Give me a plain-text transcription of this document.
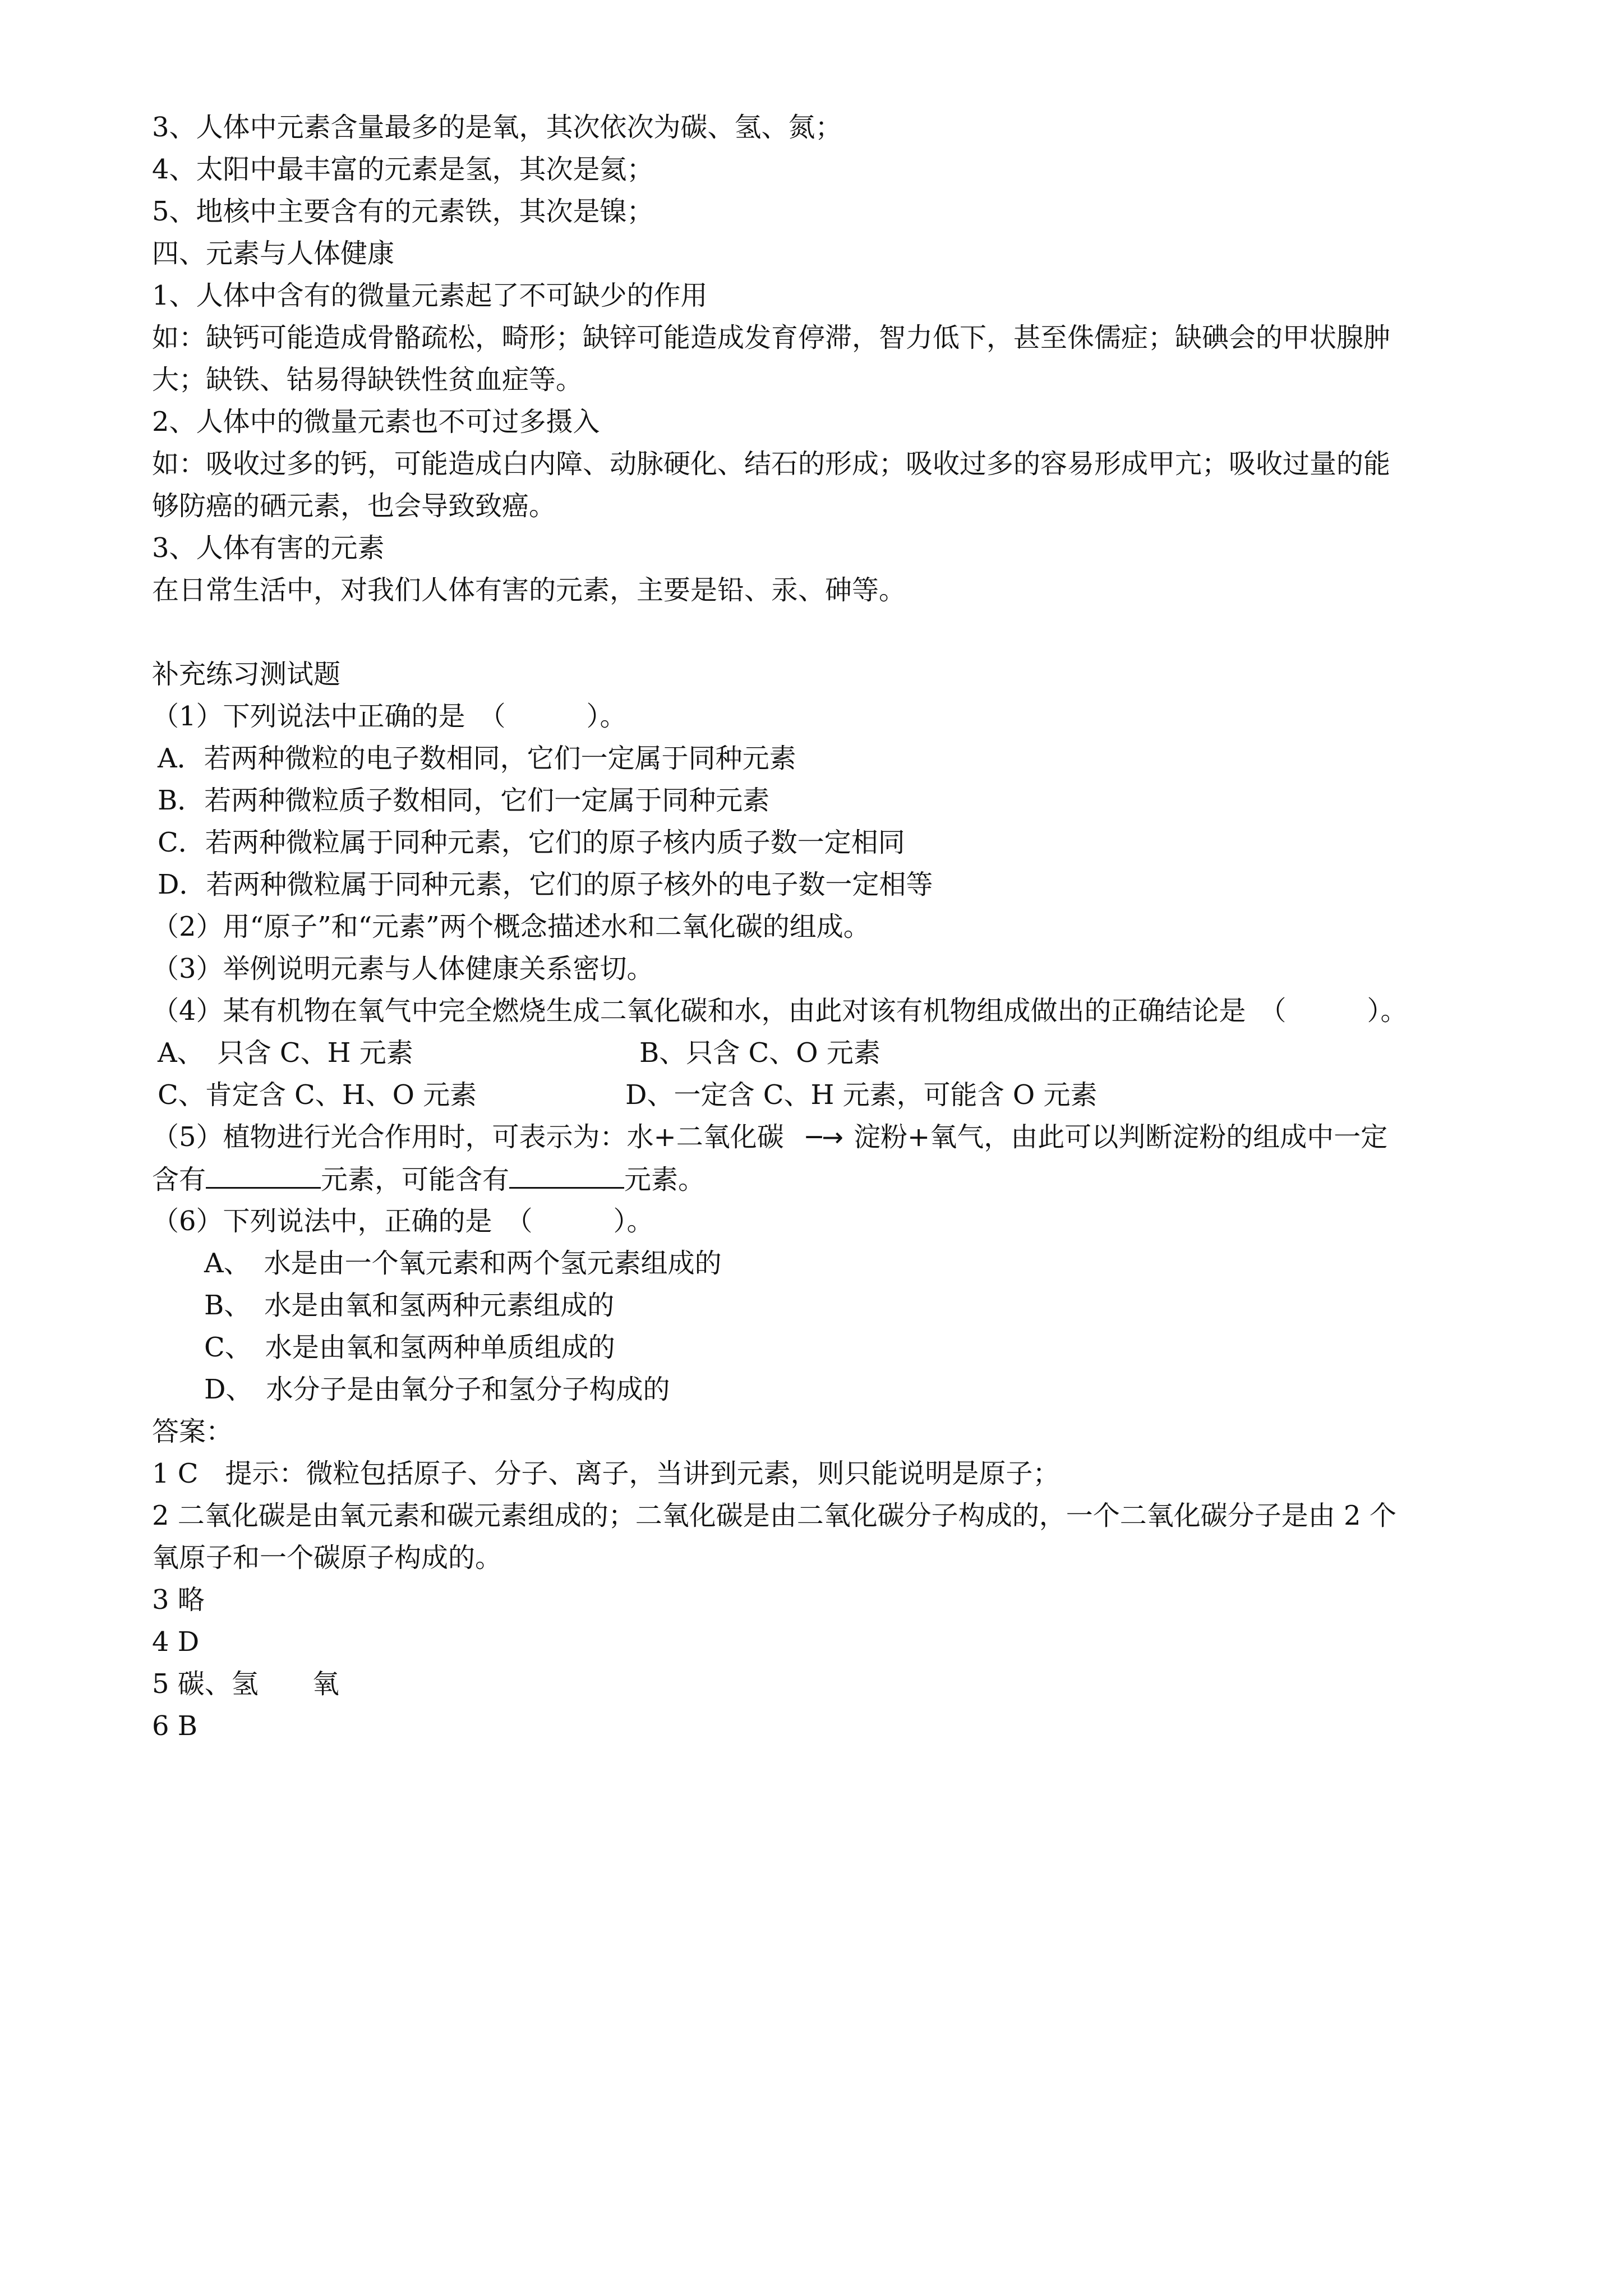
3、人体中元素含量最多的是氧，其次依次为碳、氢、氮；
4、太阳中最丰富的元素是氢，其次是氦；
5、地核中主要含有的元素铁，其次是镍；
四、元素与人体健康
1、人体中含有的微量元素起了不可缺少的作用
如：缺钙可能造成骨骼疏松，畸形；缺锌可能造成发育停滞，智力低下，甚至侏儒症；缺碘会的甲状腺肿
大；缺铁、钴易得缺铁性贫血症等。
2、人体中的微量元素也不可过多摄入
如：吸收过多的钙，可能造成白内障、动脉硬化、结石的形成；吸收过多的容易形成甲亢；吸收过量的能
够防癌的硒元素，也会导致致癌。
3、人体有害的元素
在日常生活中，对我们人体有害的元素，主要是铅、汞、砷等。
补充练习测试题
（1）下列说法中正确的是　（　　　）。
A．若两种微粒的电子数相同，它们一定属于同种元素
B．若两种微粒质子数相同，它们一定属于同种元素
C．若两种微粒属于同种元素，它们的原子核内质子数一定相同
D．若两种微粒属于同种元素，它们的原子核外的电子数一定相等
（2）用“原子”和“元素”两个概念描述水和二氧化碳的组成。
（3）举例说明元素与人体健康关系密切。
（4）某有机物在氧气中完全燃烧生成二氧化碳和水，由此对该有机物组成做出的正确结论是　（　　　）。
A、　只含 C、H 元素	B、只含 C、O 元素
C、肯定含 C、H、O 元素	D、一定含 C、H 元素，可能含 O 元素
（5）植物进行光合作用时，可表示为：水+二氧化碳 ─→ 淀粉+氧气，由此可以判断淀粉的组成中一定
含有	元素，可能含有	元素。
（6）下列说法中，正确的是　（　　　）。
A、　水是由一个氧元素和两个氢元素组成的
B、　水是由氧和氢两种元素组成的
C、　水是由氧和氢两种单质组成的
D、　水分子是由氧分子和氢分子构成的
答案：
1 C　提示：微粒包括原子、分子、离子，当讲到元素，则只能说明是原子；
2 二氧化碳是由氧元素和碳元素组成的；二氧化碳是由二氧化碳分子构成的，一个二氧化碳分子是由 2 个
氧原子和一个碳原子构成的。
3 略
4 D
5 碳、氢　　氧
6 B
